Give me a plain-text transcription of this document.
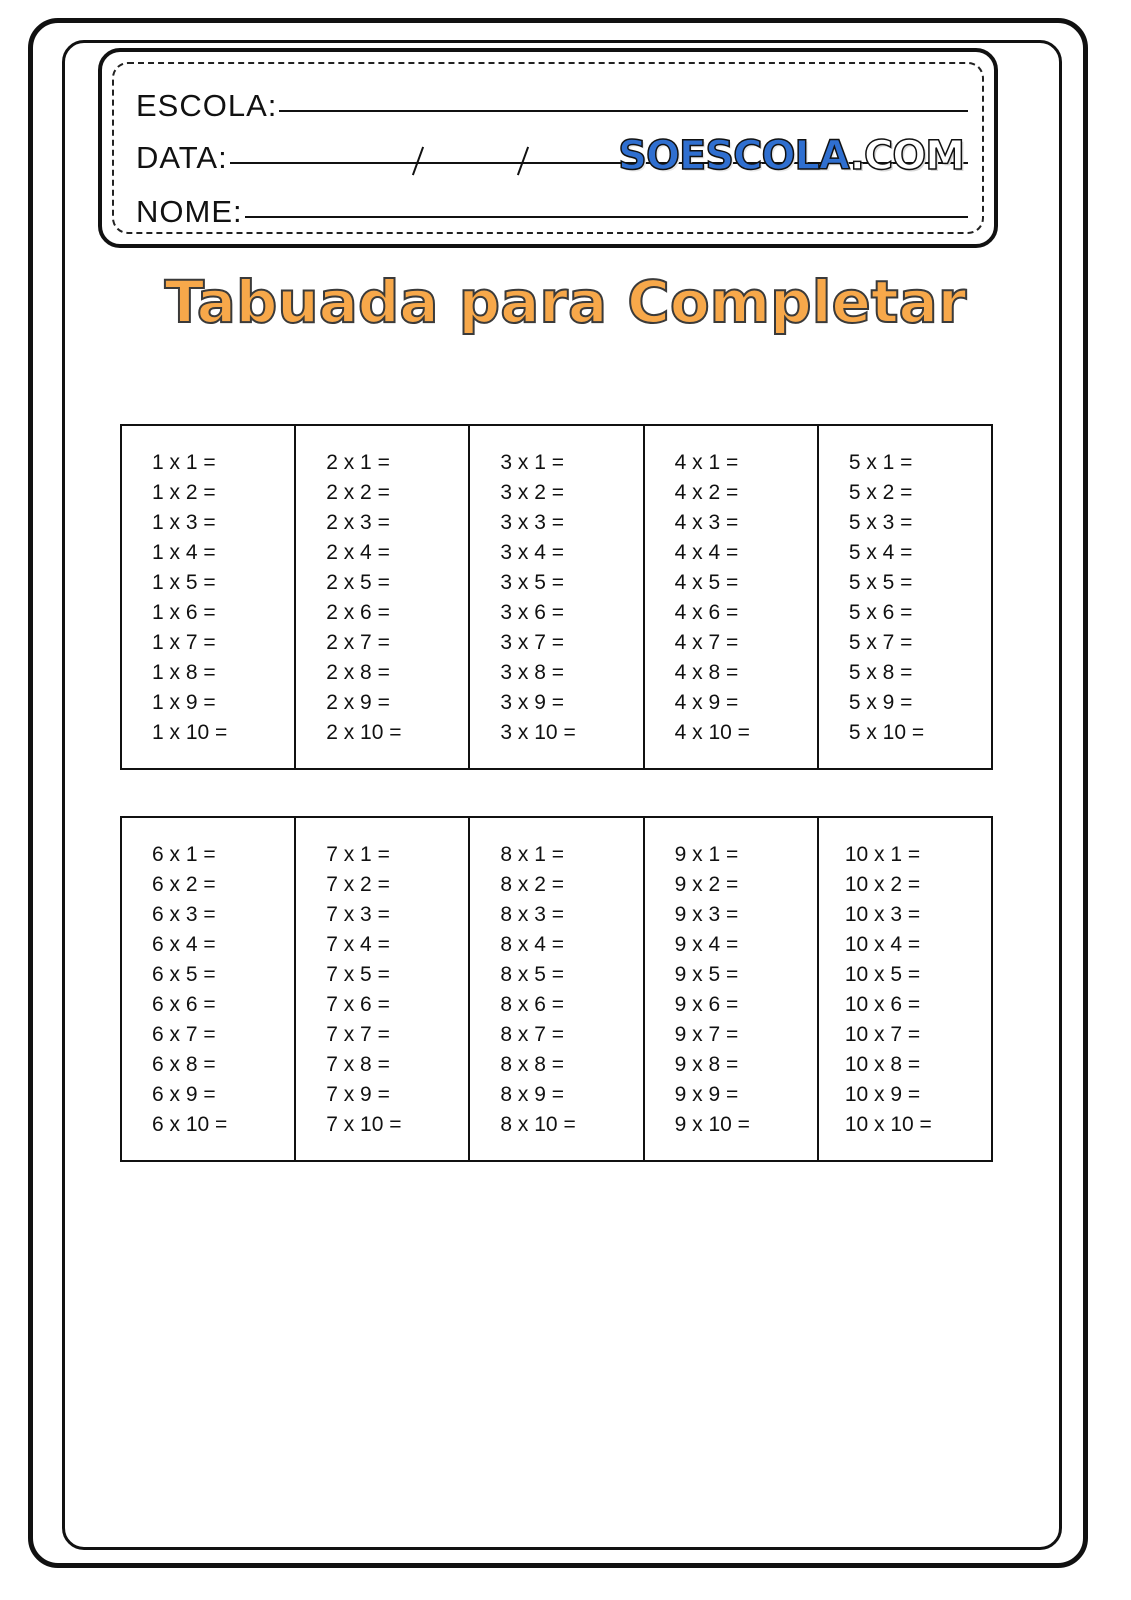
ESCOLA:
DATA:
NOME:
SOESCOLA.COM
Tabuada para Completar
1 x 1 =
1 x 2 =
1 x 3 =
1 x 4 =
1 x 5 =
1 x 6 =
1 x 7 =
1 x 8 =
1 x 9 =
1 x 10 =
2 x 1 =
2 x 2 =
2 x 3 =
2 x 4 =
2 x 5 =
2 x 6 =
2 x 7 =
2 x 8 =
2 x 9 =
2 x 10 =
3 x 1 =
3 x 2 =
3 x 3 =
3 x 4 =
3 x 5 =
3 x 6 =
3 x 7 =
3 x 8 =
3 x 9 =
3 x 10 =
4 x 1 =
4 x 2 =
4 x 3 =
4 x 4 =
4 x 5 =
4 x 6 =
4 x 7 =
4 x 8 =
4 x 9 =
4 x 10 =
5 x 1 =
5 x 2 =
5 x 3 =
5 x 4 =
5 x 5 =
5 x 6 =
5 x 7 =
5 x 8 =
5 x 9 =
5 x 10 =
6 x 1 =
6 x 2 =
6 x 3 =
6 x 4 =
6 x 5 =
6 x 6 =
6 x 7 =
6 x 8 =
6 x 9 =
6 x 10 =
7 x 1 =
7 x 2 =
7 x 3 =
7 x 4 =
7 x 5 =
7 x 6 =
7 x 7 =
7 x 8 =
7 x 9 =
7 x 10 =
8 x 1 =
8 x 2 =
8 x 3 =
8 x 4 =
8 x 5 =
8 x 6 =
8 x 7 =
8 x 8 =
8 x 9 =
8 x 10 =
9 x 1 =
9 x 2 =
9 x 3 =
9 x 4 =
9 x 5 =
9 x 6 =
9 x 7 =
9 x 8 =
9 x 9 =
9 x 10 =
10 x 1 =
10 x 2 =
10 x 3 =
10 x 4 =
10 x 5 =
10 x 6 =
10 x 7 =
10 x 8 =
10 x 9 =
10 x 10 =
